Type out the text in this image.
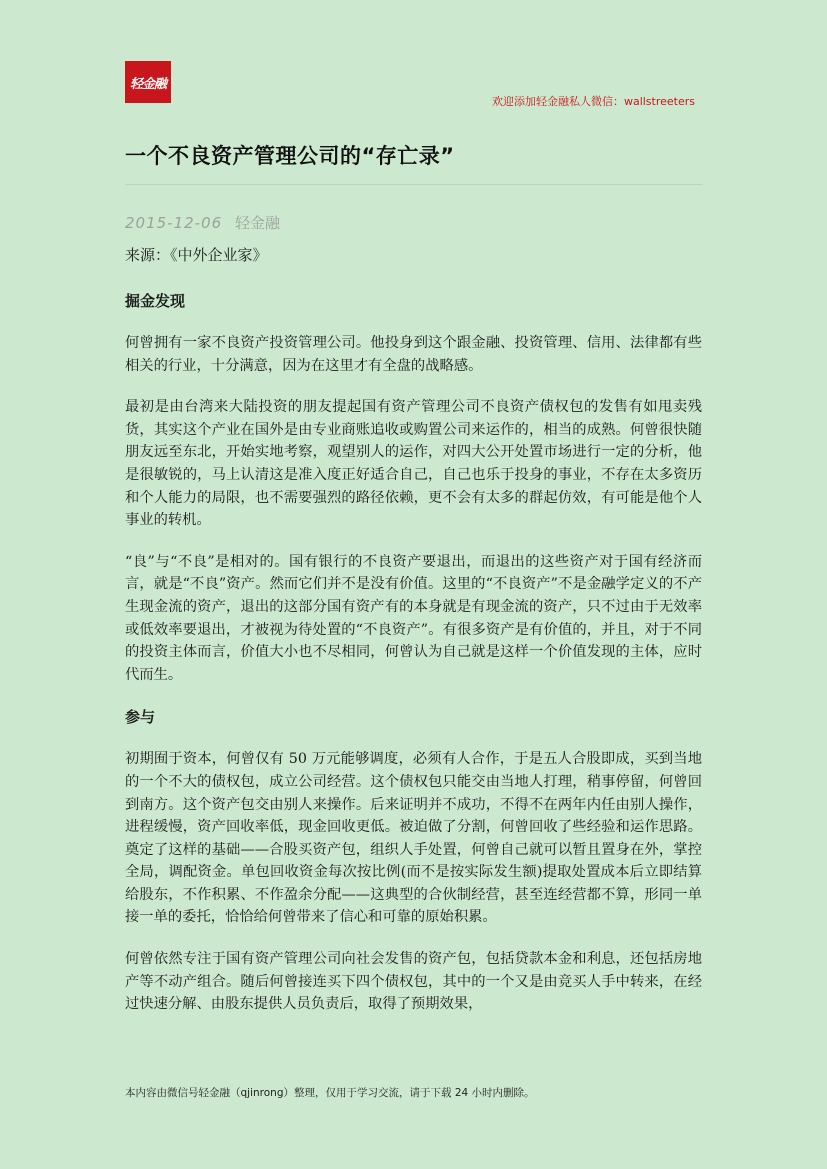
轻金融
欢迎添加轻金融私人微信：wallstreeters
一个不良资产管理公司的“存亡录”
2015-12-06 轻金融

来源：《中外企业家》

掘金发现

何曾拥有一家不良资产投资管理公司。他投身到这个跟金融、投资管理、信用、法律都有些相关的行业，十分满意，因为在这里才有全盘的战略感。

最初是由台湾来大陆投资的朋友提起国有资产管理公司不良资产债权包的发售有如甩卖残货，其实这个产业在国外是由专业商账追收或购置公司来运作的，相当的成熟。何曾很快随朋友远至东北，开始实地考察，观望别人的运作，对四大公开处置市场进行一定的分析，他是很敏锐的，马上认清这是准入度正好适合自己，自己也乐于投身的事业，不存在太多资历和个人能力的局限，也不需要强烈的路径依赖，更不会有太多的群起仿效，有可能是他个人事业的转机。

“良”与“不良”是相对的。国有银行的不良资产要退出，而退出的这些资产对于国有经济而言，就是“不良”资产。然而它们并不是没有价值。这里的“不良资产”不是金融学定义的不产生现金流的资产，退出的这部分国有资产有的本身就是有现金流的资产，只不过由于无效率或低效率要退出，才被视为待处置的“不良资产”。有很多资产是有价值的，并且，对于不同的投资主体而言，价值大小也不尽相同，何曾认为自己就是这样一个价值发现的主体，应时代而生。

参与

初期囿于资本，何曾仅有 50 万元能够调度，必须有人合作，于是五人合股即成，买到当地的一个不大的债权包，成立公司经营。这个债权包只能交由当地人打理，稍事停留，何曾回到南方。这个资产包交由别人来操作。后来证明并不成功，不得不在两年内任由别人操作，进程缓慢，资产回收率低，现金回收更低。被迫做了分割，何曾回收了些经验和运作思路。奠定了这样的基础——合股买资产包，组织人手处置，何曾自己就可以暂且置身在外，掌控全局，调配资金。单包回收资金每次按比例(而不是按实际发生额)提取处置成本后立即结算给股东，不作积累、不作盈余分配——这典型的合伙制经营，甚至连经营都不算，形同一单接一单的委托，恰恰给何曾带来了信心和可靠的原始积累。

何曾依然专注于国有资产管理公司向社会发售的资产包，包括贷款本金和利息，还包括房地产等不动产组合。随后何曾接连买下四个债权包，其中的一个又是由竞买人手中转来，在经过快速分解、由股东提供人员负责后，取得了预期效果，

本内容由微信号轻金融（qjinrong）整理，仅用于学习交流，请于下载 24 小时内删除。
